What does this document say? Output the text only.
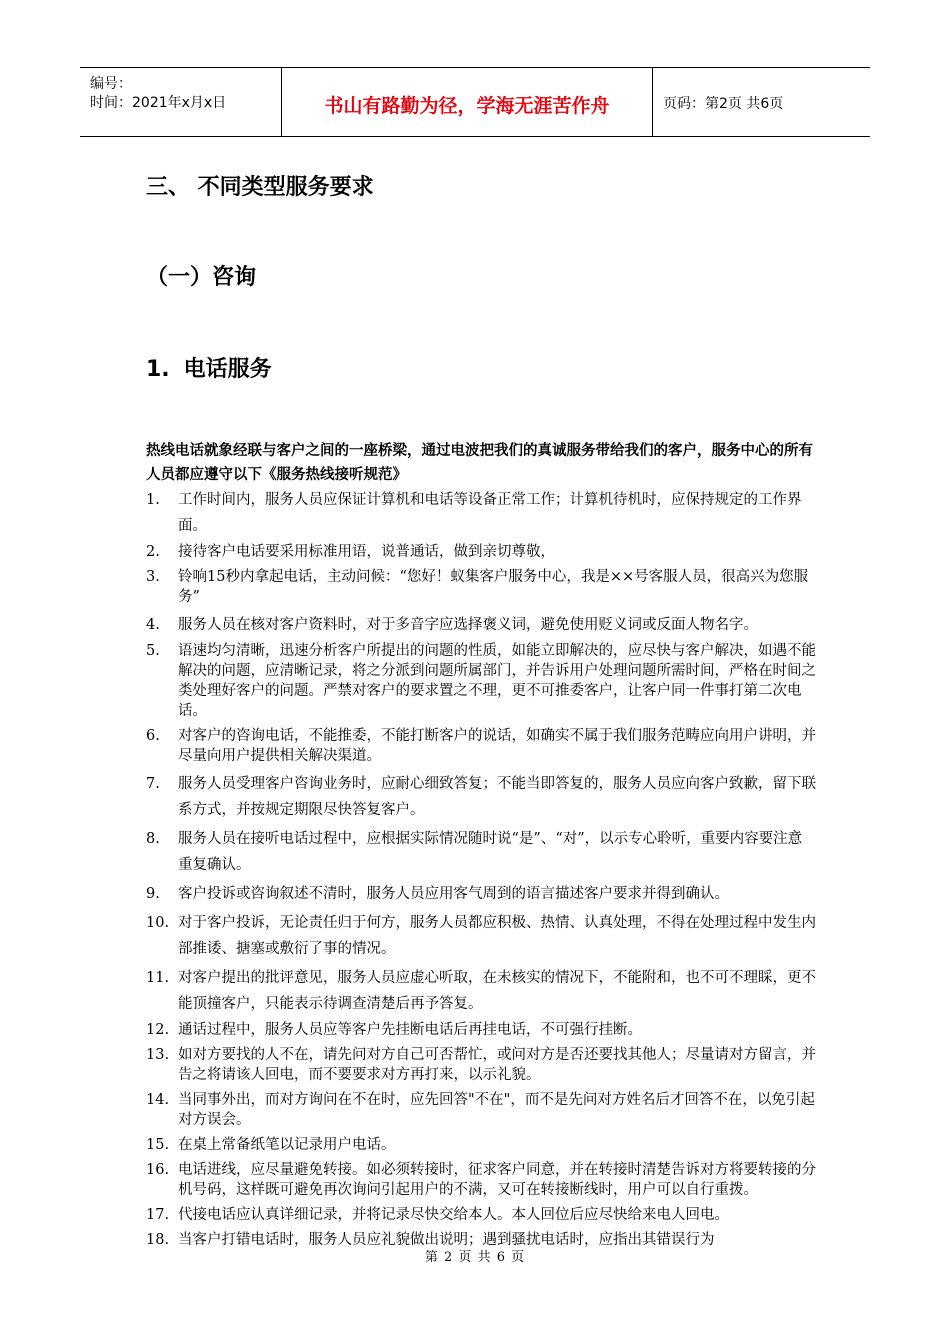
编号：
时间：2021年x月x日	书山有路勤为径，学海无涯苦作舟	页码：第2页 共6页
三、 不同类型服务要求
（一）咨询
1. 电话服务
热线电话就象经联与客户之间的一座桥梁，通过电波把我们的真诚服务带给我们的客户，服务中心的所有人员都应遵守以下《服务热线接听规范》
1. 工作时间内，服务人员应保证计算机和电话等设备正常工作；计算机待机时，应保持规定的工作界面。
2. 接待客户电话要采用标准用语，说普通话，做到亲切尊敬，
3. 铃响15秒内拿起电话，主动问候：“您好！蚁集客户服务中心，我是××号客服人员，很高兴为您服务”
4. 服务人员在核对客户资料时，对于多音字应选择褒义词，避免使用贬义词或反面人物名字。
5. 语速均匀清晰，迅速分析客户所提出的问题的性质，如能立即解决的，应尽快与客户解决，如遇不能解决的问题，应清晰记录，将之分派到问题所属部门，并告诉用户处理问题所需时间，严格在时间之类处理好客户的问题。严禁对客户的要求置之不理，更不可推委客户，让客户同一件事打第二次电话。
6. 对客户的咨询电话，不能推委，不能打断客户的说话，如确实不属于我们服务范畴应向用户讲明，并尽量向用户提供相关解决渠道。
7. 服务人员受理客户咨询业务时，应耐心细致答复；不能当即答复的，服务人员应向客户致歉，留下联系方式，并按规定期限尽快答复客户。
8. 服务人员在接听电话过程中，应根据实际情况随时说“是”、“对”，以示专心聆听，重要内容要注意重复确认。
9. 客户投诉或咨询叙述不清时，服务人员应用客气周到的语言描述客户要求并得到确认。
10. 对于客户投诉，无论责任归于何方，服务人员都应积极、热情、认真处理，不得在处理过程中发生内部推诿、搪塞或敷衍了事的情况。
11. 对客户提出的批评意见，服务人员应虚心听取，在未核实的情况下，不能附和，也不可不理睬，更不能顶撞客户，只能表示待调查清楚后再予答复。
12. 通话过程中，服务人员应等客户先挂断电话后再挂电话，不可强行挂断。
13. 如对方要找的人不在，请先问对方自己可否帮忙，或问对方是否还要找其他人；尽量请对方留言，并告之将请该人回电，而不要要求对方再打来，以示礼貌。
14. 当同事外出，而对方询问在不在时，应先回答"不在"，而不是先问对方姓名后才回答不在，以免引起对方误会。
15. 在桌上常备纸笔以记录用户电话。
16. 电话进线，应尽量避免转接。如必须转接时，征求客户同意，并在转接时清楚告诉对方将要转接的分机号码，这样既可避免再次询问引起用户的不满，又可在转接断线时，用户可以自行重拨。
17. 代接电话应认真详细记录，并将记录尽快交给本人。本人回位后应尽快给来电人回电。
18. 当客户打错电话时，服务人员应礼貌做出说明；遇到骚扰电话时，应指出其错误行为
第 2 页 共 6 页
